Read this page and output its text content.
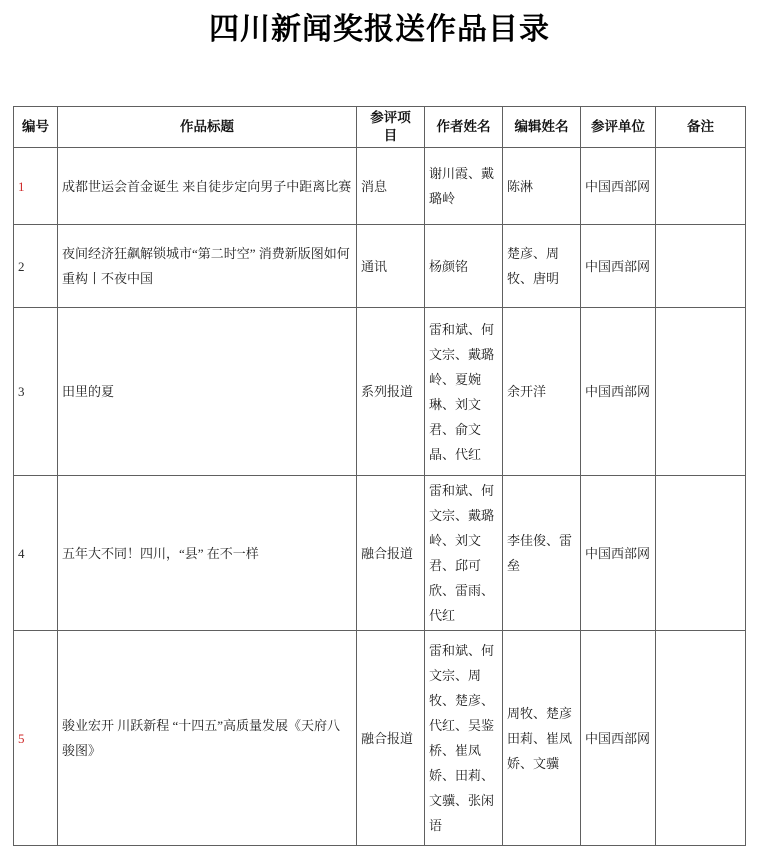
四川新闻奖报送作品目录
编号	作品标题	参评项目	作者姓名	编辑姓名	参评单位	备注
1	成都世运会首金诞生 来自徒步定向男子中距离比赛	消息	谢川霞、戴璐岭	陈淋	中国西部网	
2	夜间经济狂飙解锁城市“第二时空” 消费新版图如何重构丨不夜中国	通讯	杨颜铭	楚彦、周牧、唐明	中国西部网	
3	田里的夏	系列报道	雷和斌、何文宗、戴璐岭、夏婉琳、刘文君、俞文晶、代红	余开洋	中国西部网	
4	五年大不同！四川，“县” 在不一样	融合报道	雷和斌、何文宗、戴璐岭、刘文君、邱可欣、雷雨、代红	李佳俊、雷垒	中国西部网	
5	骏业宏开 川跃新程 “十四五”高质量发展《天府八骏图》	融合报道	雷和斌、何文宗、周牧、楚彦、代红、吴鉴桥、崔凤娇、田莉、文骥、张闲语	周牧、楚彦田莉、崔凤娇、文骥	中国西部网	
